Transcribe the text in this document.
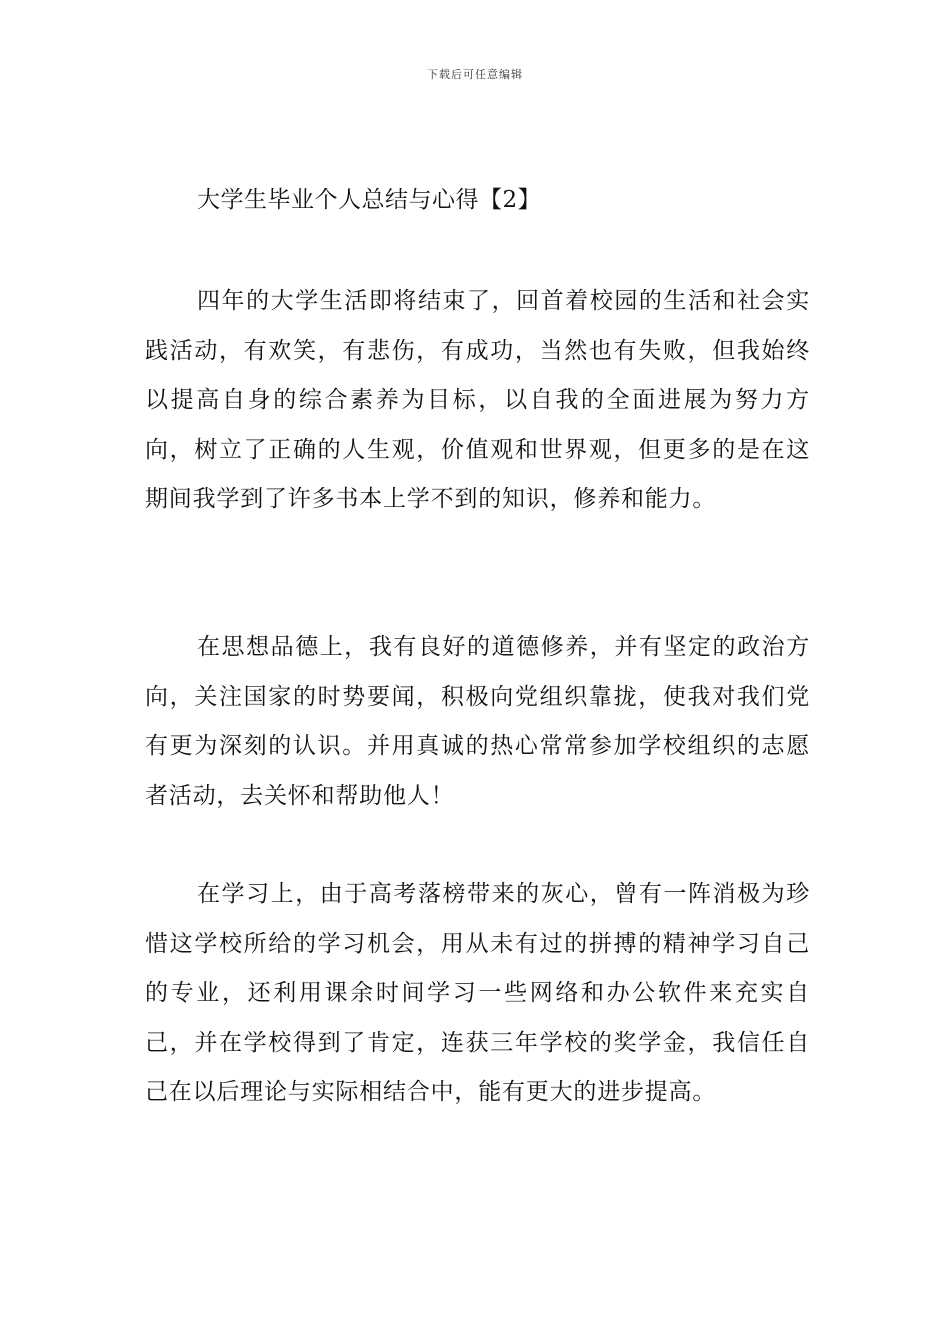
下载后可任意编辑
大学生毕业个人总结与心得【2】

四年的大学生活即将结束了，回首着校园的生活和社会实践活动，有欢笑，有悲伤，有成功，当然也有失败，但我始终以提高自身的综合素养为目标，以自我的全面进展为努力方向，树立了正确的人生观，价值观和世界观，但更多的是在这期间我学到了许多书本上学不到的知识，修养和能力。

在思想品德上，我有良好的道德修养，并有坚定的政治方向，关注国家的时势要闻，积极向党组织靠拢，使我对我们党有更为深刻的认识。并用真诚的热心常常参加学校组织的志愿者活动，去关怀和帮助他人！

在学习上，由于高考落榜带来的灰心，曾有一阵消极为珍惜这学校所给的学习机会，用从未有过的拼搏的精神学习自己的专业，还利用课余时间学习一些网络和办公软件来充实自己，并在学校得到了肯定，连获三年学校的奖学金，我信任自己在以后理论与实际相结合中，能有更大的进步提高。
